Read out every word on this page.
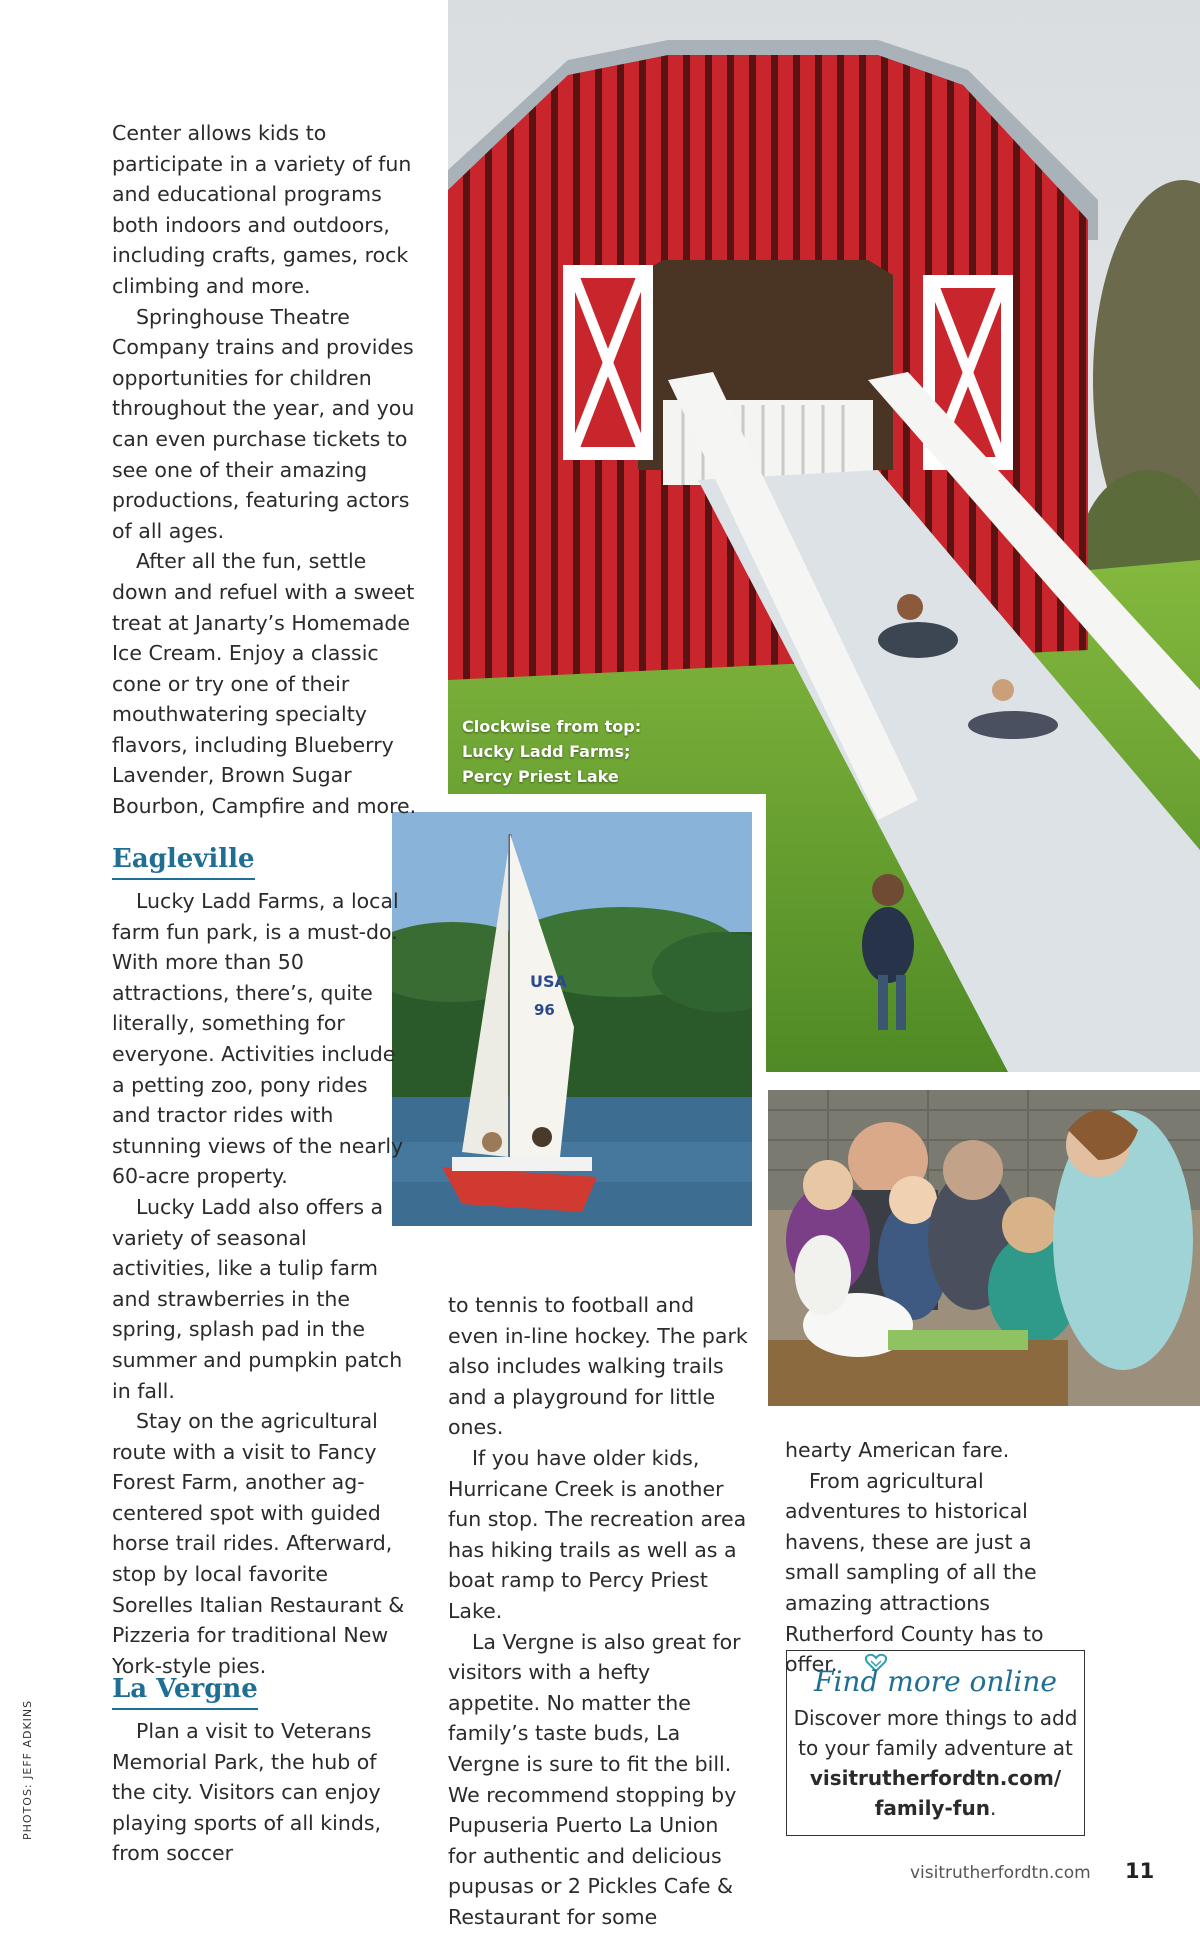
USA
96
Clockwise from top:
Lucky Ladd Farms;
Percy Priest Lake

Center allows kids to participate in a variety of fun and educational programs both indoors and outdoors, including crafts, games, rock climbing and more.

Springhouse Theatre Company trains and provides opportunities for children throughout the year, and you can even purchase tickets to see one of their amazing productions, featuring actors of all ages.

After all the fun, settle down and refuel with a sweet treat at Janarty’s Homemade Ice Cream. Enjoy a classic cone or try one of their mouthwatering specialty flavors, including Blueberry Lavender, Brown Sugar Bourbon, Campfire and more.

Eagleville

Lucky Ladd Farms, a local farm fun park, is a must-do. With more than 50 attractions, there’s, quite literally, something for everyone. Activities include a petting zoo, pony rides and tractor rides with stunning views of the nearly 60-acre property.

Lucky Ladd also offers a variety of seasonal activities, like a tulip farm and strawberries in the spring, splash pad in the summer and pumpkin patch in fall.

Stay on the agricultural route with a visit to Fancy Forest Farm, another ag-centered spot with guided horse trail rides. Afterward, stop by local favorite Sorelles Italian Restaurant & Pizzeria for traditional New York-style pies.

La Vergne

Plan a visit to Veterans Memorial Park, the hub of the city. Visitors can enjoy playing sports of all kinds, from soccer

to tennis to football and even in-line hockey. The park also includes walking trails and a playground for little ones.

If you have older kids, Hurricane Creek is another fun stop. The recreation area has hiking trails as well as a boat ramp to Percy Priest Lake.

La Vergne is also great for visitors with a hefty appetite. No matter the family’s taste buds, La Vergne is sure to fit the bill. We recommend stopping by Pupuseria Puerto La Union for authentic and delicious pupusas or 2 Pickles Cafe & Restaurant for some

hearty American fare.

From agricultural adventures to historical havens, these are just a small sampling of all the amazing attractions Rutherford County has to offer.

Find more online
Discover more things to add to your family adventure at
visitrutherfordtn.com/ family-fun.
PHOTOS: JEFF ADKINS
visitrutherfordtn.com 11
